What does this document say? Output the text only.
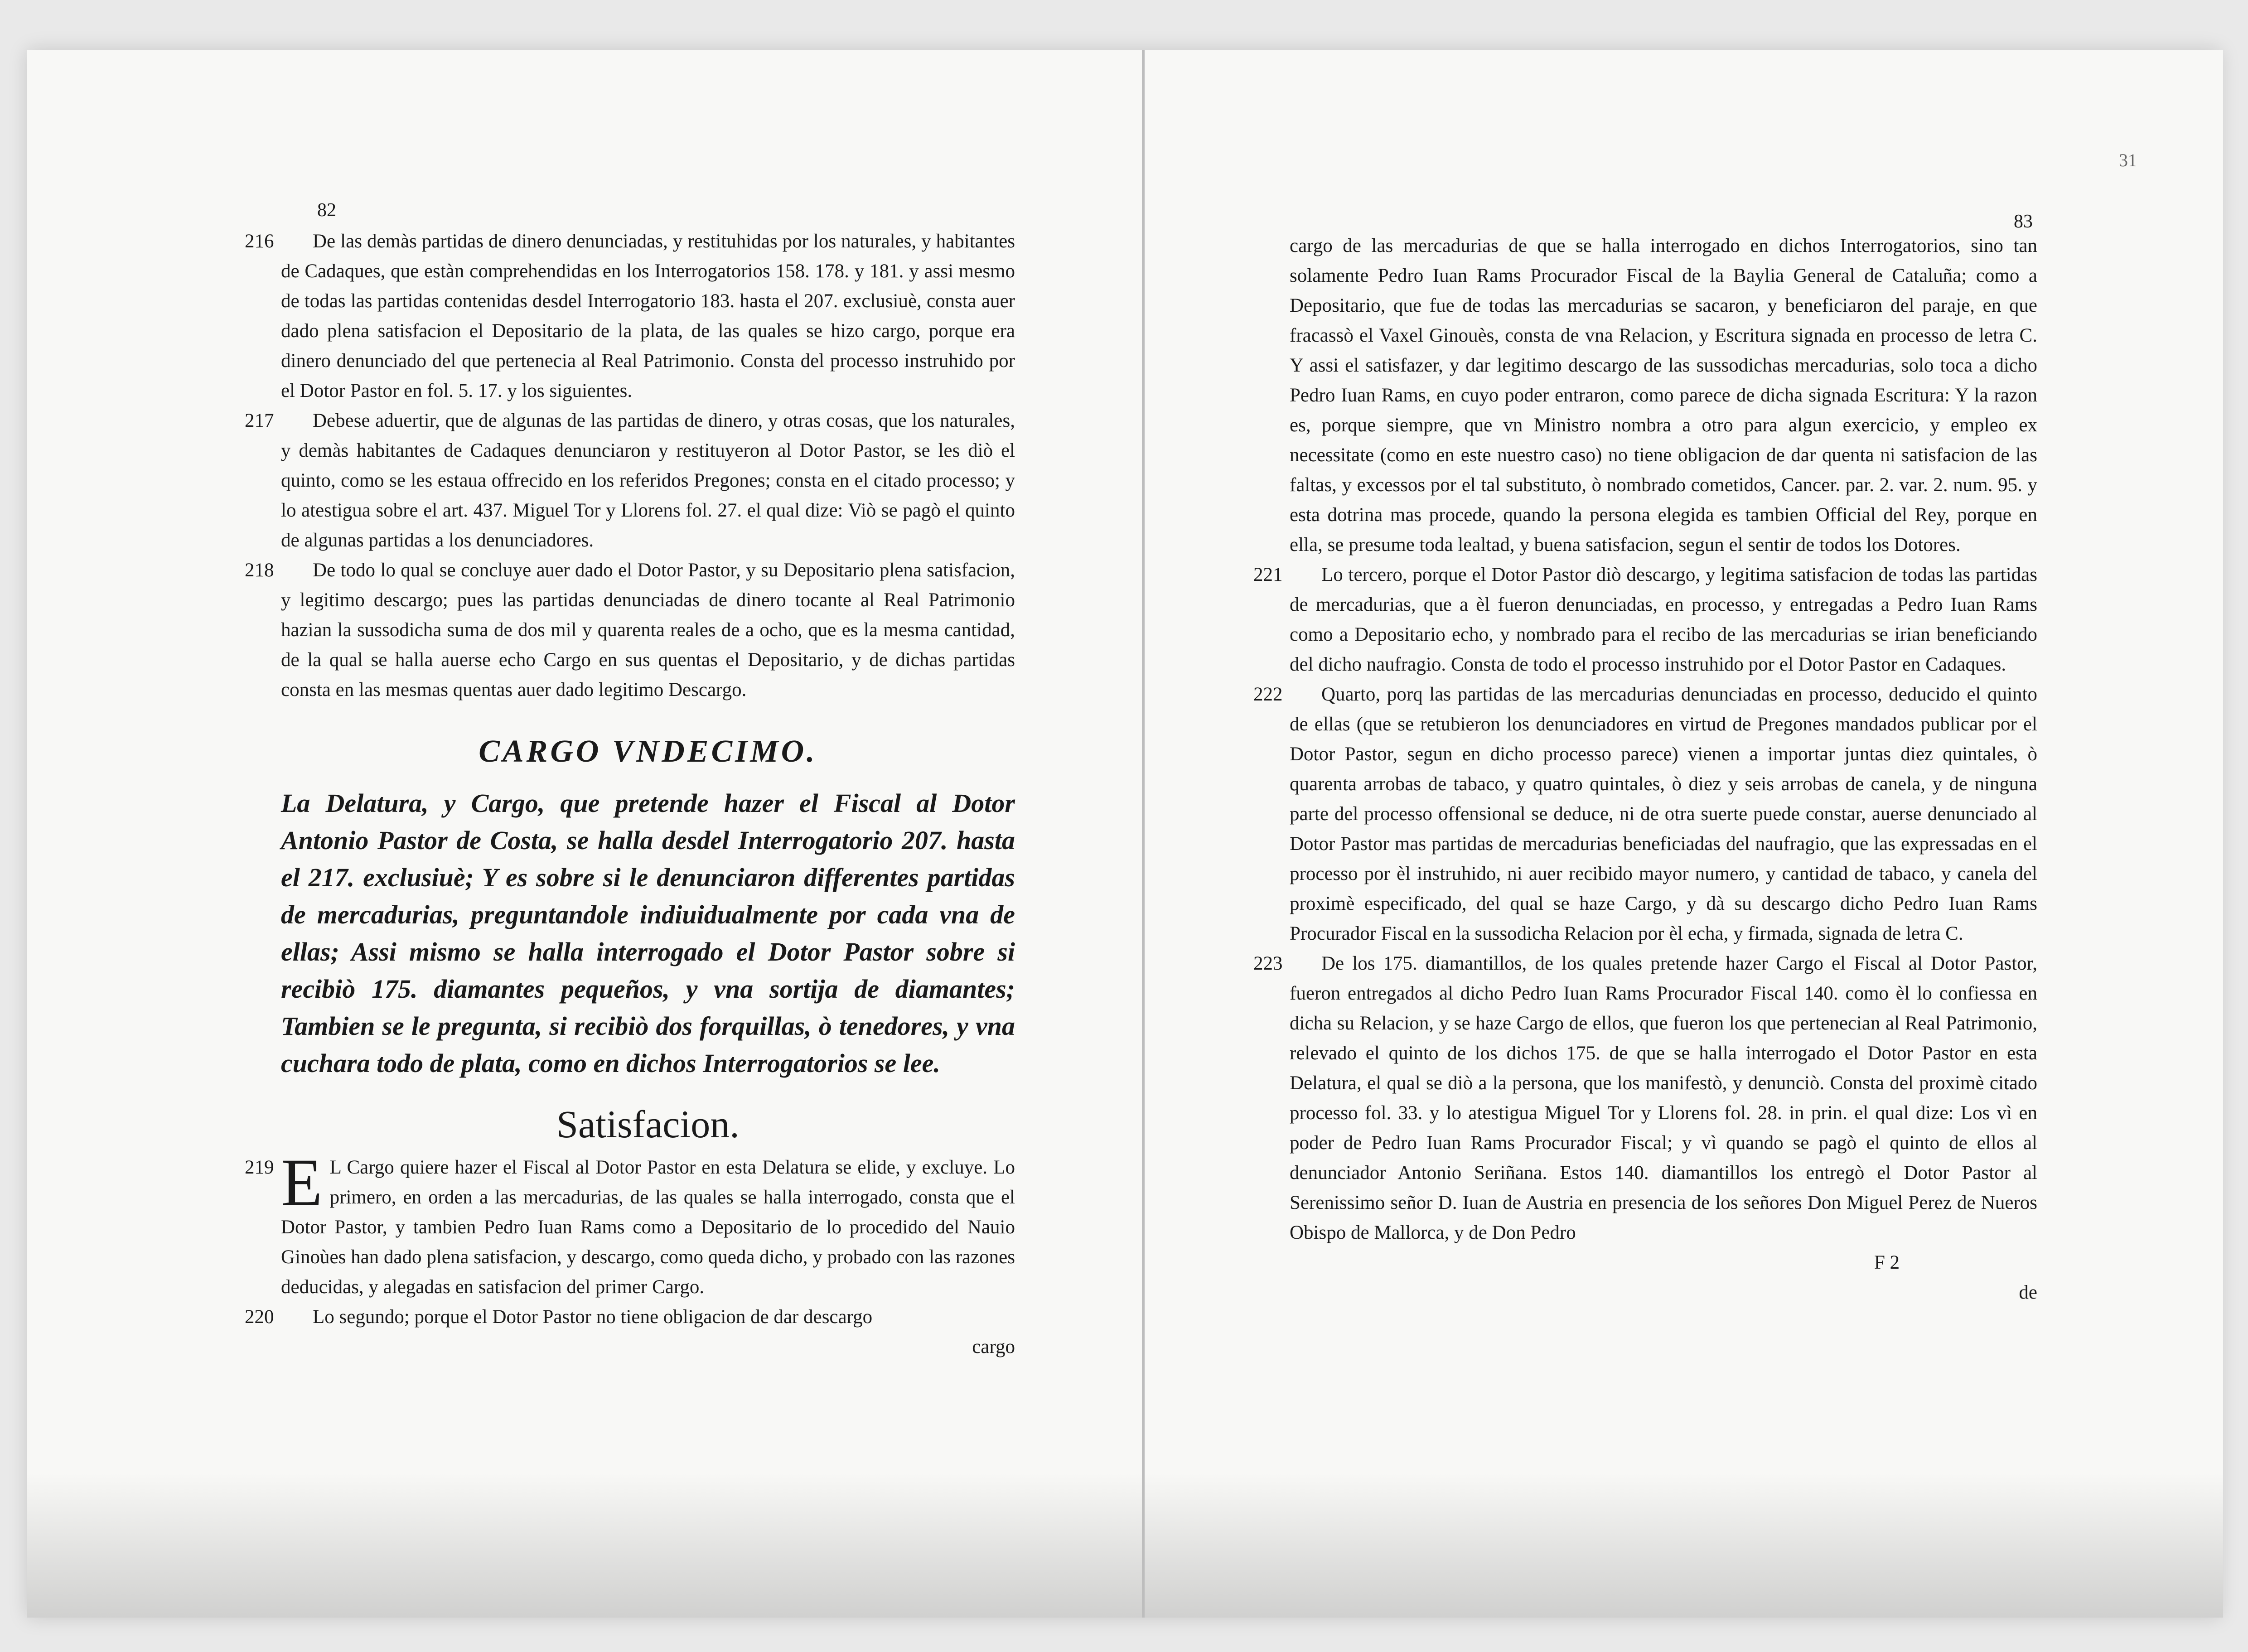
82
216	De las demàs partidas de dinero denunciadas, y restituhidas por los naturales, y habitantes de Cadaques, que estàn comprehendidas en los Interrogatorios 158. 178. y 181. y assi mesmo de todas las partidas contenidas desdel Interrogatorio 183. hasta el 207. exclusiuè, consta auer dado plena satisfacion el Depositario de la plata, de las quales se hizo cargo, porque era dinero denunciado del que pertenecia al Real Patrimonio. Consta del processo instruhido por el Dotor Pastor en fol. 5. 17. y los siguientes.
217	Debese aduertir, que de algunas de las partidas de dinero, y otras cosas, que los naturales, y demàs habitantes de Cadaques denunciaron y restituyeron al Dotor Pastor, se les diò el quinto, como se les estaua offrecido en los referidos Pregones; consta en el citado processo; y lo atestigua sobre el art. 437. Miguel Tor y Llorens fol. 27. el qual dize: Viò se pagò el quinto de algunas partidas a los denunciadores.
218	De todo lo qual se concluye auer dado el Dotor Pastor, y su Depositario plena satisfacion, y legitimo descargo; pues las partidas denunciadas de dinero tocante al Real Patrimonio hazian la sussodicha suma de dos mil y quarenta reales de a ocho, que es la mesma cantidad, de la qual se halla auerse echo Cargo en sus quentas el Depositario, y de dichas partidas consta en las mesmas quentas auer dado legitimo Descargo.
CARGO VNDECIMO.
La Delatura, y Cargo, que pretende hazer el Fiscal al Dotor Antonio Pastor de Costa, se halla desdel Interrogatorio 207. hasta el 217. exclusiuè; Y es sobre si le denunciaron differentes partidas de mercadurias, preguntandole indiuidualmente por cada vna de ellas; Assi mismo se halla interrogado el Dotor Pastor sobre si recibiò 175. diamantes pequeños, y vna sortija de diamantes; Tambien se le pregunta, si recibiò dos forquillas, ò tenedores, y vna cuchara todo de plata, como en dichos Interrogatorios se lee.
Satisfacion.
219 E L Cargo quiere hazer el Fiscal al Dotor Pastor en esta Delatura se elide, y excluye. Lo primero, en orden a las mercadurias, de las quales se halla interrogado, consta que el Dotor Pastor, y tambien Pedro Iuan Rams como a Depositario de lo procedido del Nauio Ginoùes han dado plena satisfacion, y descargo, como queda dicho, y probado con las razones deducidas, y alegadas en satisfacion del primer Cargo.
220	Lo segundo; porque el Dotor Pastor no tiene obligacion de dar descargo
cargo
31
83
cargo de las mercadurias de que se halla interrogado en dichos Interrogatorios, sino tan solamente Pedro Iuan Rams Procurador Fiscal de la Baylia General de Cataluña; como a Depositario, que fue de todas las mercadurias se sacaron, y beneficiaron del paraje, en que fracassò el Vaxel Ginouès, consta de vna Relacion, y Escritura signada en processo de letra C. Y assi el satisfazer, y dar legitimo descargo de las sussodichas mercadurias, solo toca a dicho Pedro Iuan Rams, en cuyo poder entraron, como parece de dicha signada Escritura: Y la razon es, porque siempre, que vn Ministro nombra a otro para algun exercicio, y empleo ex necessitate (como en este nuestro caso) no tiene obligacion de dar quenta ni satisfacion de las faltas, y excessos por el tal substituto, ò nombrado cometidos, Cancer. par. 2. var. 2. num. 95. y esta dotrina mas procede, quando la persona elegida es tambien Official del Rey, porque en ella, se presume toda lealtad, y buena satisfacion, segun el sentir de todos los Dotores.
221	Lo tercero, porque el Dotor Pastor diò descargo, y legitima satisfacion de todas las partidas de mercadurias, que a èl fueron denunciadas, en processo, y entregadas a Pedro Iuan Rams como a Depositario echo, y nombrado para el recibo de las mercadurias se irian beneficiando del dicho naufragio. Consta de todo el processo instruhido por el Dotor Pastor en Cadaques.
222	Quarto, porq las partidas de las mercadurias denunciadas en processo, deducido el quinto de ellas (que se retubieron los denunciadores en virtud de Pregones mandados publicar por el Dotor Pastor, segun en dicho processo parece) vienen a importar juntas diez quintales, ò quarenta arrobas de tabaco, y quatro quintales, ò diez y seis arrobas de canela, y de ninguna parte del processo offensional se deduce, ni de otra suerte puede constar, auerse denunciado al Dotor Pastor mas partidas de mercadurias beneficiadas del naufragio, que las expressadas en el processo por èl instruhido, ni auer recibido mayor numero, y cantidad de tabaco, y canela del proximè especificado, del qual se haze Cargo, y dà su descargo dicho Pedro Iuan Rams Procurador Fiscal en la sussodicha Relacion por èl echa, y firmada, signada de letra C.
223	De los 175. diamantillos, de los quales pretende hazer Cargo el Fiscal al Dotor Pastor, fueron entregados al dicho Pedro Iuan Rams Procurador Fiscal 140. como èl lo confiessa en dicha su Relacion, y se haze Cargo de ellos, que fueron los que pertenecian al Real Patrimonio, relevado el quinto de los dichos 175. de que se halla interrogado el Dotor Pastor en esta Delatura, el qual se diò a la persona, que los manifestò, y denunciò. Consta del proximè citado processo fol. 33. y lo atestigua Miguel Tor y Llorens fol. 28. in prin. el qual dize: Los vì en poder de Pedro Iuan Rams Procurador Fiscal; y vì quando se pagò el quinto de ellos al denunciador Antonio Seriñana. Estos 140. diamantillos los entregò el Dotor Pastor al Serenissimo señor D. Iuan de Austria en presencia de los señores Don Miguel Perez de Nueros Obispo de Mallorca, y de Don Pedro
F 2
de
